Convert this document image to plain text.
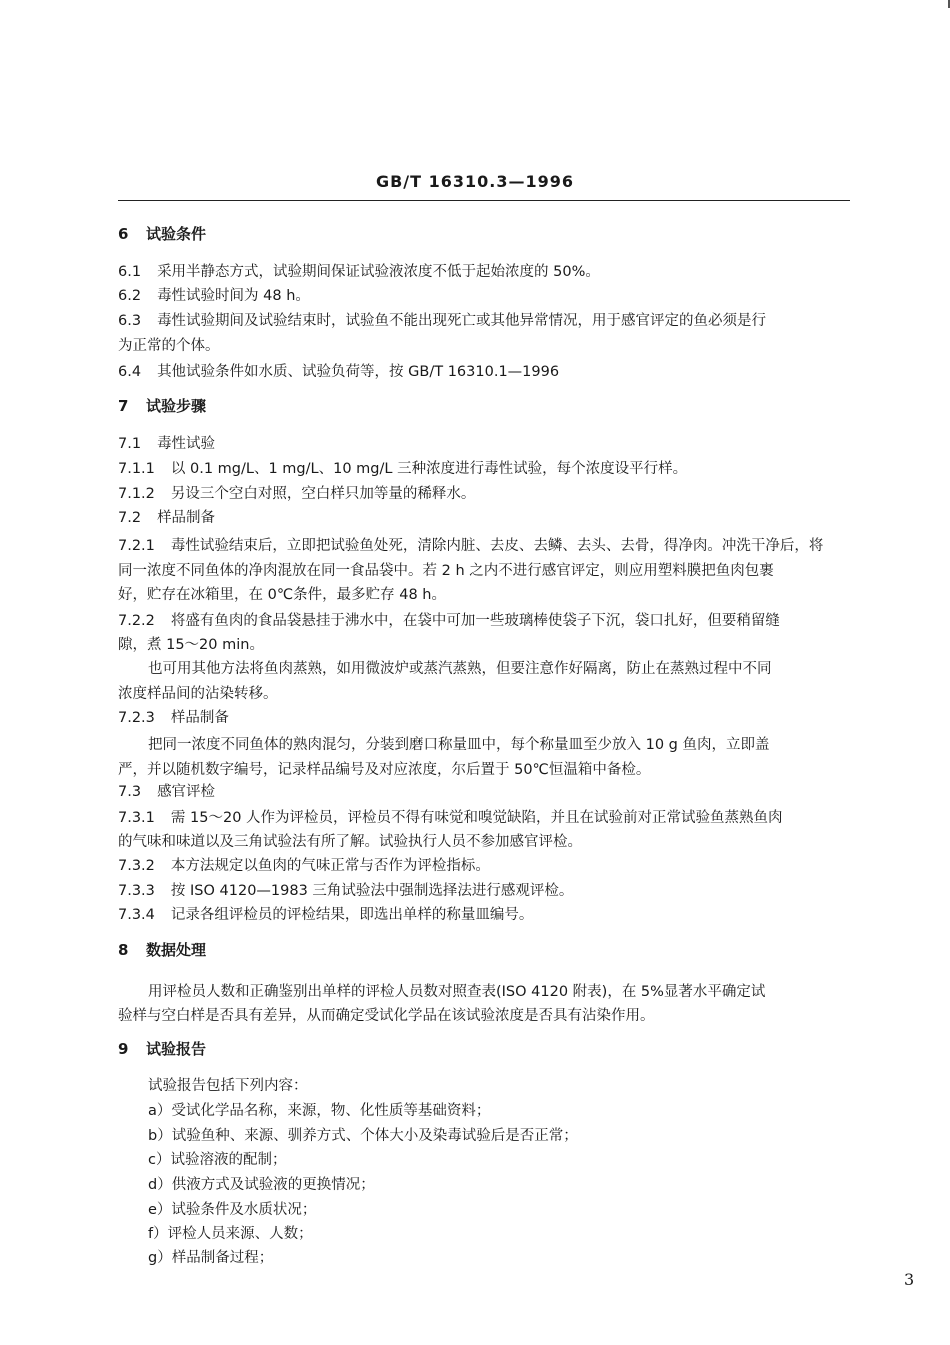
GB/T 16310.3—1996
6 试验条件
6.1 采用半静态方式，试验期间保证试验液浓度不低于起始浓度的 50%。
6.2 毒性试验时间为 48 h。
6.3 毒性试验期间及试验结束时，试验鱼不能出现死亡或其他异常情况，用于感官评定的鱼必须是行
为正常的个体。
6.4 其他试验条件如水质、试验负荷等，按 GB/T 16310.1—1996
7 试验步骤
7.1 毒性试验
7.1.1 以 0.1 mg/L、1 mg/L、10 mg/L 三种浓度进行毒性试验，每个浓度设平行样。
7.1.2 另设三个空白对照，空白样只加等量的稀释水。
7.2 样品制备
7.2.1 毒性试验结束后，立即把试验鱼处死，清除内脏、去皮、去鳞、去头、去骨，得净肉。冲洗干净后，将
同一浓度不同鱼体的净肉混放在同一食品袋中。若 2 h 之内不进行感官评定，则应用塑料膜把鱼肉包裹
好，贮存在冰箱里，在 0℃条件，最多贮存 48 h。
7.2.2 将盛有鱼肉的食品袋悬挂于沸水中，在袋中可加一些玻璃棒使袋子下沉，袋口扎好，但要稍留缝
隙，煮 15～20 min。
也可用其他方法将鱼肉蒸熟，如用微波炉或蒸汽蒸熟，但要注意作好隔离，防止在蒸熟过程中不同
浓度样品间的沾染转移。
7.2.3 样品制备
把同一浓度不同鱼体的熟肉混匀，分装到磨口称量皿中，每个称量皿至少放入 10 g 鱼肉，立即盖
严，并以随机数字编号，记录样品编号及对应浓度，尔后置于 50℃恒温箱中备检。
7.3 感官评检
7.3.1 需 15～20 人作为评检员，评检员不得有味觉和嗅觉缺陷，并且在试验前对正常试验鱼蒸熟鱼肉
的气味和味道以及三角试验法有所了解。试验执行人员不参加感官评检。
7.3.2 本方法规定以鱼肉的气味正常与否作为评检指标。
7.3.3 按 ISO 4120—1983 三角试验法中强制选择法进行感观评检。
7.3.4 记录各组评检员的评检结果，即选出单样的称量皿编号。
8 数据处理
用评检员人数和正确鉴别出单样的评检人员数对照查表(ISO 4120 附表)，在 5%显著水平确定试
验样与空白样是否具有差异，从而确定受试化学品在该试验浓度是否具有沾染作用。
9 试验报告
试验报告包括下列内容：
a）受试化学品名称，来源，物、化性质等基础资料；
b）试验鱼种、来源、驯养方式、个体大小及染毒试验后是否正常；
c）试验溶液的配制；
d）供液方式及试验液的更换情况；
e）试验条件及水质状况；
f）评检人员来源、人数；
g）样品制备过程；
3
